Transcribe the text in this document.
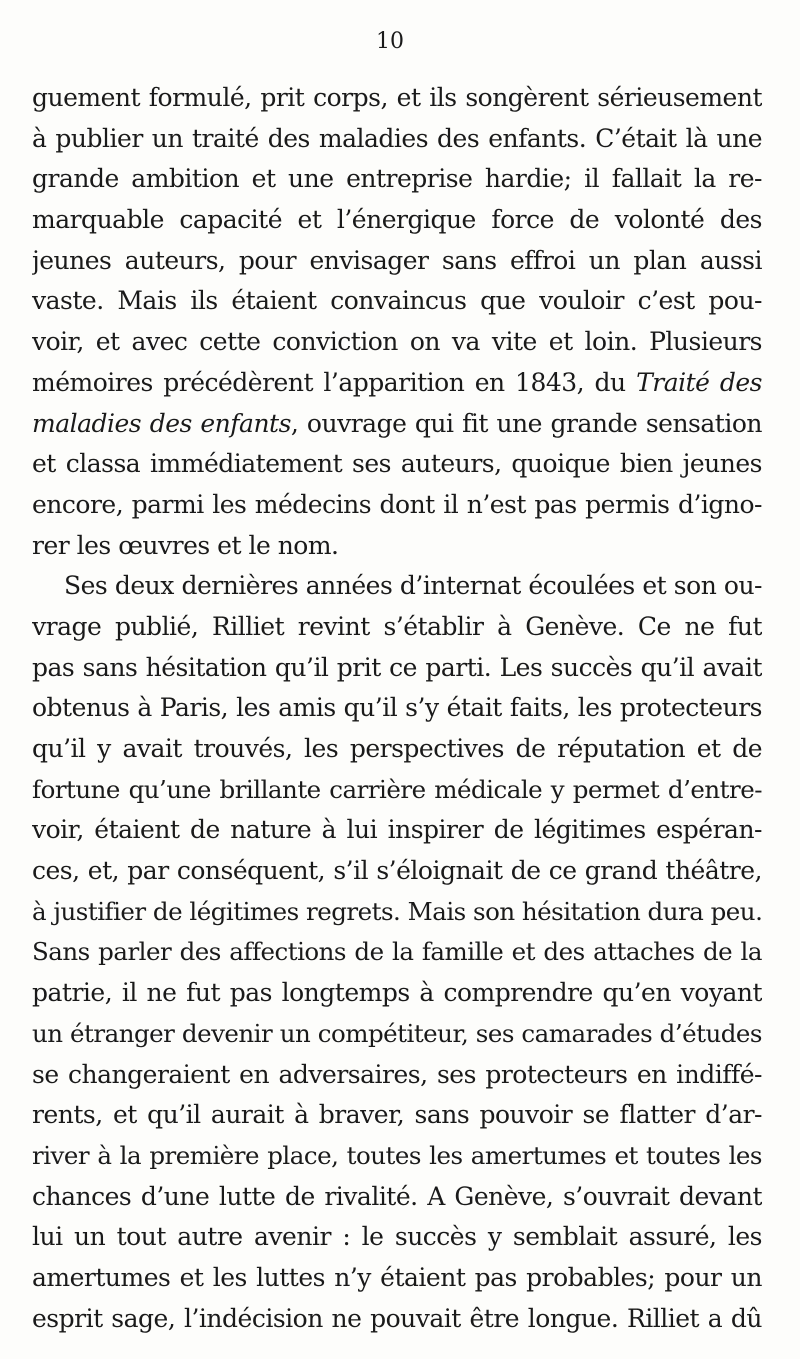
10
guement formulé, prit corps, et ils songèrent sérieusement
à publier un traité des maladies des enfants. C’était là une
grande ambition et une entreprise hardie; il fallait la re-
marquable capacité et l’énergique force de volonté des
jeunes auteurs, pour envisager sans effroi un plan aussi
vaste. Mais ils étaient convaincus que vouloir c’est pou-
voir, et avec cette conviction on va vite et loin. Plusieurs
mémoires précédèrent l’apparition en 1843, du Traité des
maladies des enfants, ouvrage qui fit une grande sensation
et classa immédiatement ses auteurs, quoique bien jeunes
encore, parmi les médecins dont il n’est pas permis d’igno-
rer les œuvres et le nom.
Ses deux dernières années d’internat écoulées et son ou-
vrage publié, Rilliet revint s’établir à Genève. Ce ne fut
pas sans hésitation qu’il prit ce parti. Les succès qu’il avait
obtenus à Paris, les amis qu’il s’y était faits, les protecteurs
qu’il y avait trouvés, les perspectives de réputation et de
fortune qu’une brillante carrière médicale y permet d’entre-
voir, étaient de nature à lui inspirer de légitimes espéran-
ces, et, par conséquent, s’il s’éloignait de ce grand théâtre,
à justifier de légitimes regrets. Mais son hésitation dura peu.
Sans parler des affections de la famille et des attaches de la
patrie, il ne fut pas longtemps à comprendre qu’en voyant
un étranger devenir un compétiteur, ses camarades d’études
se changeraient en adversaires, ses protecteurs en indiffé-
rents, et qu’il aurait à braver, sans pouvoir se flatter d’ar-
river à la première place, toutes les amertumes et toutes les
chances d’une lutte de rivalité. A Genève, s’ouvrait devant
lui un tout autre avenir : le succès y semblait assuré, les
amertumes et les luttes n’y étaient pas probables; pour un
esprit sage, l’indécision ne pouvait être longue. Rilliet a dû
